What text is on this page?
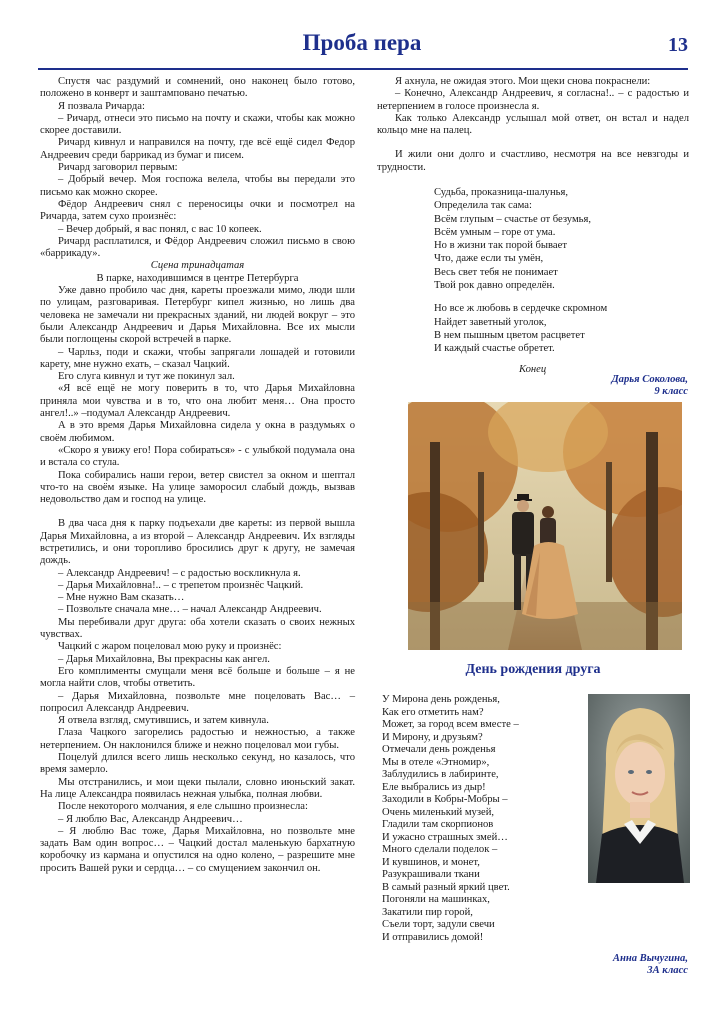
Проба пера	13

Спустя час раздумий и сомнений, оно наконец было готово, положено в конверт и заштамповано печатью.

Я позвала Ричарда:

– Ричард, отнеси это письмо на почту и скажи, чтобы как можно скорее доставили.

Ричард кивнул и направился на почту, где всё ещё сидел Федор Андреевич среди баррикад из бумаг и писем.

Ричард заговорил первым:

– Добрый вечер. Моя госпожа велела, чтобы вы передали это письмо как можно скорее.

Фёдор Андреевич снял с переносицы очки и посмотрел на Ричарда, затем сухо произнёс:

– Вечер добрый, я вас понял, с вас 10 копеек.

Ричард расплатился, и Фёдор Андреевич сложил письмо в свою «баррикаду».

Сцена тринадцатая

В парке, находившимся в центре Петербурга

Уже давно пробило час дня, кареты проезжали мимо, люди шли по улицам, разговаривая. Петербург кипел жизнью, но лишь два человека не замечали ни прекрасных зданий, ни людей вокруг – это были Александр Андреевич и Дарья Михайловна. Все их мысли были поглощены скорой встречей в парке.

– Чарльз, поди и скажи, чтобы запрягали лошадей и готовили карету, мне нужно ехать, – сказал Чацкий.

Его слуга кивнул и тут же покинул зал.

«Я всё ещё не могу поверить в то, что Дарья Михайловна приняла мои чувства и в то, что она любит меня… Она просто ангел!..» –подумал Александр Андреевич.

А в это время Дарья Михайловна сидела у окна в раздумьях о своём любимом.

«Скоро я увижу его! Пора собираться» - с улыбкой подумала она и встала со стула.

Пока собирались наши герои, ветер свистел за окном и шептал что-то на своём языке. На улице заморосил слабый дождь, вызвав недовольство дам и господ на улице.

В два часа дня к парку подъехали две кареты: из первой вышла Дарья Михайловна, а из второй – Александр Андреевич. Их взгляды встретились, и они торопливо бросились друг к другу, не замечая дождь.

– Александр Андреевич! – с радостью воскликнула я.

– Дарья Михайловна!.. – с трепетом произнёс Чацкий.

– Мне нужно Вам сказать…

– Позвольте сначала мне… – начал Александр Андреевич.

Мы перебивали друг друга: оба хотели сказать о своих нежных чувствах.

Чацкий с жаром поцеловал мою руку и произнёс:

– Дарья Михайловна, Вы прекрасны как ангел.

Его комплименты смущали меня всё больше и больше – я не могла найти слов, чтобы ответить.

– Дарья Михайловна, позвольте мне поцеловать Вас… – попросил Александр Андреевич.

Я отвела взгляд, смутившись, и затем кивнула.

Глаза Чацкого загорелись радостью и нежностью, а также нетерпением. Он наклонился ближе и нежно поцеловал мои губы.

Поцелуй длился всего лишь несколько секунд, но казалось, что время замерло.

Мы отстранились, и мои щеки пылали, словно июньский закат. На лице Александра появилась нежная улыбка, полная любви.

После некоторого молчания, я еле слышно произнесла:

– Я люблю Вас, Александр Андреевич…

– Я люблю Вас тоже, Дарья Михайловна, но позвольте мне задать Вам один вопрос… – Чацкий достал маленькую бархатную коробочку из кармана и опустился на одно колено, – разрешите мне просить Вашей руки и сердца… – со смущением закончил он.

Я ахнула, не ожидая этого. Мои щеки снова покраснели:

– Конечно, Александр Андреевич, я согласна!.. – с радостью и нетерпением в голосе произнесла я.

Как только Александр услышал мой ответ, он встал и надел кольцо мне на палец.

И жили они долго и счастливо, несмотря на все невзгоды и трудности.

Судьба, проказница-шалунья,
Определила так сама:
Всём глупым – счастье от безумья,
Всём умным – горе от ума.
Но в жизни так порой бывает
Что, даже если ты умён,
Весь свет тебя не понимает
Твой рок давно определён.
Но все ж любовь в сердечке скромном
Найдет заветный уголок,
В нем пышным цветом расцветет
И каждый счастье обретет.
Конец
Дарья Соколова,
9 класс
День рождения друга
У Мирона день рожденья,
Как его отметить нам?
Может, за город всем вместе –
И Мирону, и друзьям?
Отмечали день рожденья
Мы в отеле «Этномир»,
Заблудились в лабиринте,
Еле выбрались из дыр!
Заходили в Кобры-Мобры –
Очень миленький музей,
Гладили там скорпионов
И ужасно страшных змей…
Много сделали поделок –
И кувшинов, и монет,
Разукрашивали ткани
В самый разный яркий цвет.
Погоняли на машинках,
Закатили пир горой,
Съели торт, задули свечи
И отправились домой!
Анна Вычугина,
3А класс
